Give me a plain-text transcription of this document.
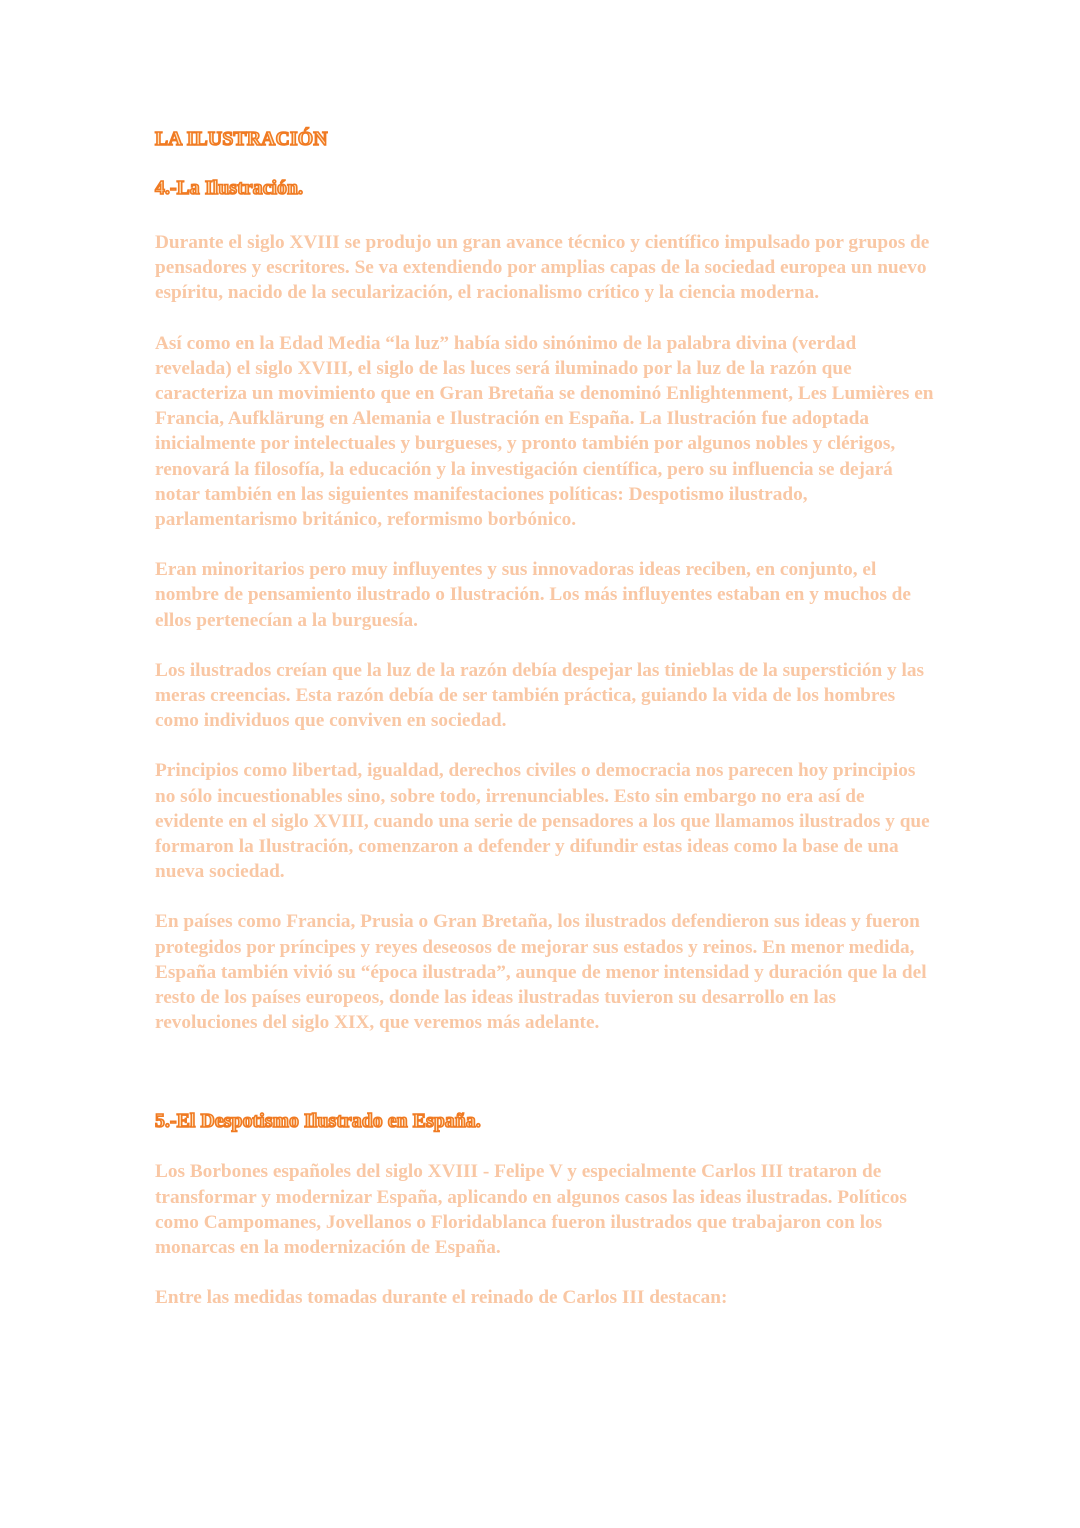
LA ILUSTRACIÓN
4.-La Ilustración.

Durante el siglo XVIII se produjo un gran avance técnico y científico impulsado por grupos de pensadores y escritores. Se va extendiendo por amplias capas de la sociedad europea un nuevo espíritu, nacido de la secularización, el racionalismo crítico y la ciencia moderna.

Así como en la Edad Media “la luz” había sido sinónimo de la palabra divina (verdad revelada) el siglo XVIII, el siglo de las luces será iluminado por la luz de la razón que caracteriza un movimiento que en Gran Bretaña se denominó Enlightenment, Les Lumières en Francia, Aufklärung en Alemania e Ilustración en España. La Ilustración fue adoptada inicialmente por intelectuales y burgueses, y pronto también por algunos nobles y clérigos, renovará la filosofía, la educación y la investigación científica, pero su influencia se dejará notar también en las siguientes manifestaciones políticas: Despotismo ilustrado, parlamentarismo británico, reformismo borbónico.

Eran minoritarios pero muy influyentes y sus innovadoras ideas reciben, en conjunto, el nombre de pensamiento ilustrado o Ilustración. Los más influyentes estaban en y muchos de ellos pertenecían a la burguesía.

Los ilustrados creían que la luz de la razón debía despejar las tinieblas de la superstición y las meras creencias. Esta razón debía de ser también práctica, guiando la vida de los hombres como individuos que conviven en sociedad.

Principios como libertad, igualdad, derechos civiles o democracia nos parecen hoy principios no sólo incuestionables sino, sobre todo, irrenunciables. Esto sin embargo no era así de evidente en el siglo XVIII, cuando una serie de pensadores a los que llamamos ilustrados y que formaron la Ilustración, comenzaron a defender y difundir estas ideas como la base de una nueva sociedad.

En países como Francia, Prusia o Gran Bretaña, los ilustrados defendieron sus ideas y fueron protegidos por príncipes y reyes deseosos de mejorar sus estados y reinos. En menor medida, España también vivió su “época ilustrada”, aunque de menor intensidad y duración que la del resto de los países europeos, donde las ideas ilustradas tuvieron su desarrollo en las revoluciones del siglo XIX, que veremos más adelante.

5.-El Despotismo Ilustrado en España.

Los Borbones españoles del siglo XVIII - Felipe V y especialmente Carlos III trataron de transformar y modernizar España, aplicando en algunos casos las ideas ilustradas. Políticos como Campomanes, Jovellanos o Floridablanca fueron ilustrados que trabajaron con los monarcas en la modernización de España.

Entre las medidas tomadas durante el reinado de Carlos III destacan:
